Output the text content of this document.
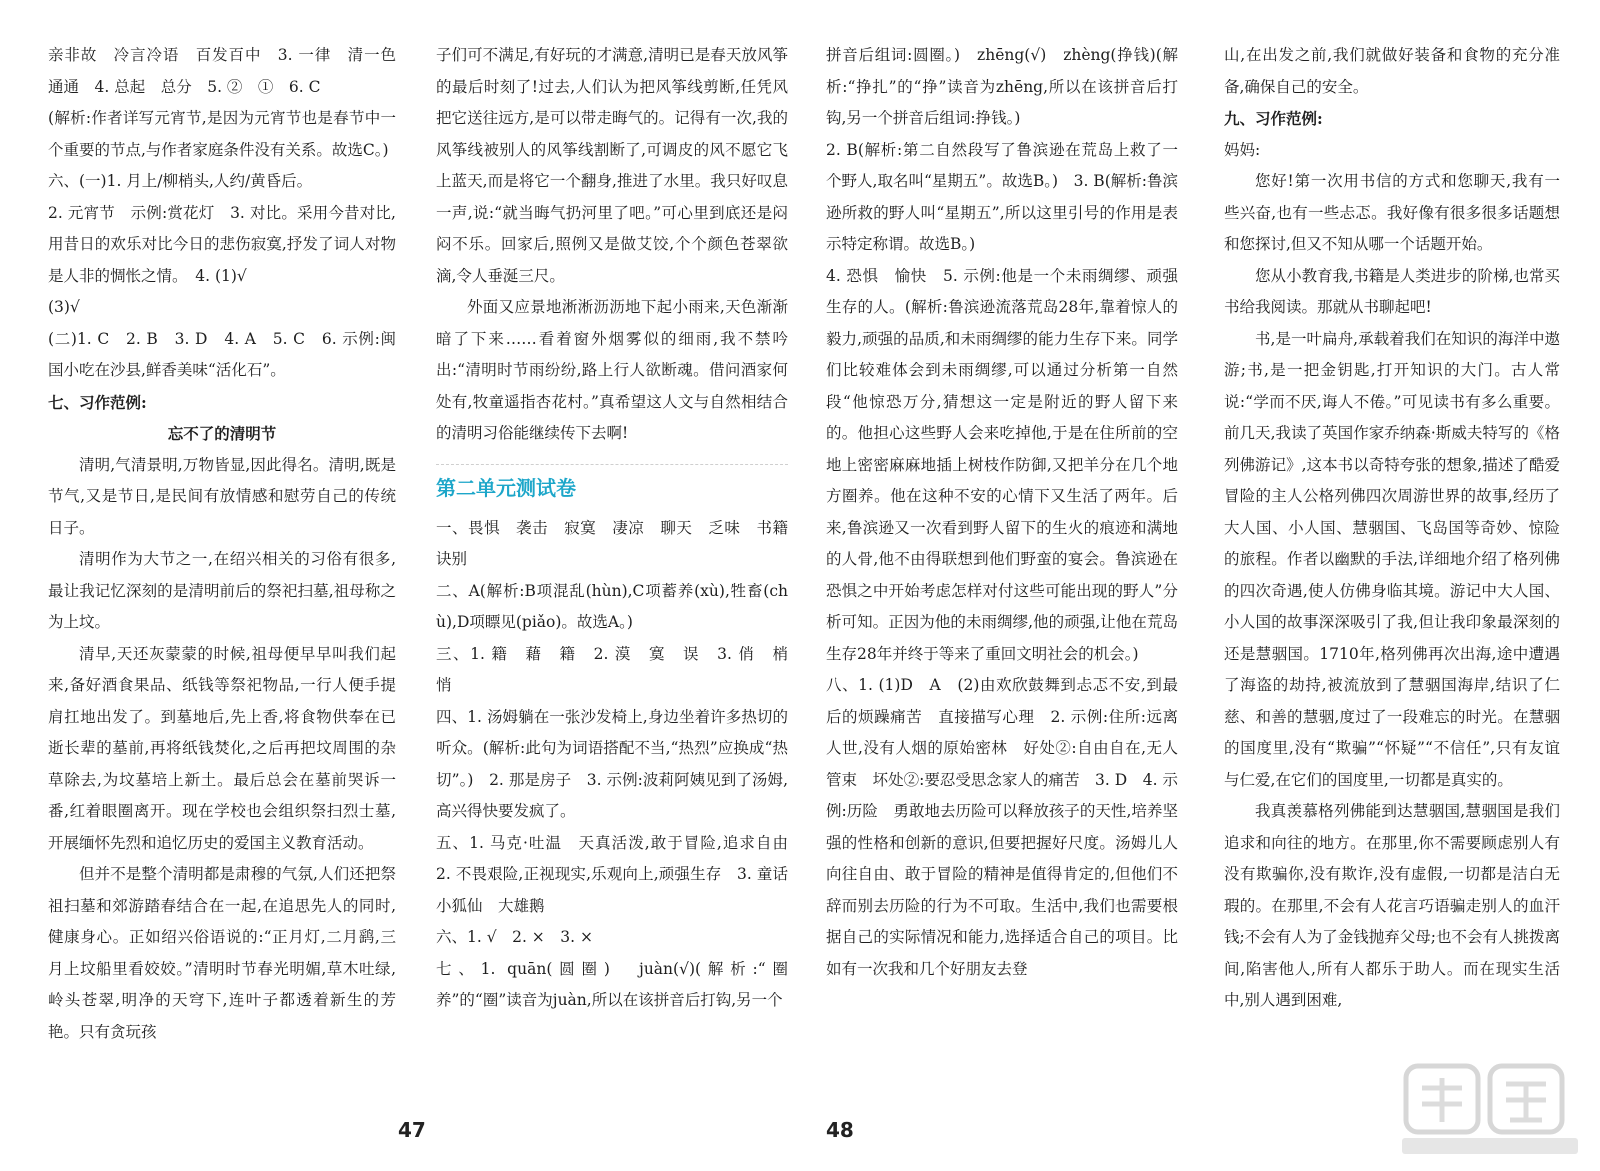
亲非故　冷言冷语　百发百中　3. 一律　清一色　通通　4. 总起　总分　5. ②　①　6. C

(解析:作者详写元宵节,是因为元宵节也是春节中一个重要的节点,与作者家庭条件没有关系。故选C。)

六、(一)1. 月上/柳梢头,人约/黄昏后。

2. 元宵节　示例:赏花灯　3. 对比。采用今昔对比,用昔日的欢乐对比今日的悲伤寂寞,抒发了词人对物是人非的惆怅之情。　4. (1)√

(3)√

(二)1. C　2. B　3. D　4. A　5. C　6. 示例:闽国小吃在沙县,鲜香美味“活化石”。

七、习作范例:

忘不了的清明节

清明,气清景明,万物皆显,因此得名。清明,既是节气,又是节日,是民间有放情感和慰劳自己的传统日子。

清明作为大节之一,在绍兴相关的习俗有很多,最让我记忆深刻的是清明前后的祭祀扫墓,祖母称之为上坟。

清早,天还灰蒙蒙的时候,祖母便早早叫我们起来,备好酒食果品、纸钱等祭祀物品,一行人便手提肩扛地出发了。到墓地后,先上香,将食物供奉在已逝长辈的墓前,再将纸钱焚化,之后再把坟周围的杂草除去,为坟墓培上新土。最后总会在墓前哭诉一番,红着眼圈离开。现在学校也会组织祭扫烈士墓,开展缅怀先烈和追忆历史的爱国主义教育活动。

但并不是整个清明都是肃穆的气氛,人们还把祭祖扫墓和郊游踏春结合在一起,在追思先人的同时,健康身心。正如绍兴俗语说的:“正月灯,二月鹞,三月上坟船里看姣姣。”清明时节春光明媚,草木吐绿,岭头苍翠,明净的天穹下,连叶子都透着新生的芳艳。只有贪玩孩

子们可不满足,有好玩的才满意,清明已是春天放风筝的最后时刻了!过去,人们认为把风筝线剪断,任凭风把它送往远方,是可以带走晦气的。记得有一次,我的风筝线被别人的风筝线割断了,可调皮的风不愿它飞上蓝天,而是将它一个翻身,推进了水里。我只好叹息一声,说:“就当晦气扔河里了吧。”可心里到底还是闷闷不乐。回家后,照例又是做艾饺,个个颜色苍翠欲滴,令人垂涎三尺。

外面又应景地淅淅沥沥地下起小雨来,天色渐渐暗了下来……看着窗外烟雾似的细雨,我不禁吟出:“清明时节雨纷纷,路上行人欲断魂。借问酒家何处有,牧童遥指杏花村。”真希望这人文与自然相结合的清明习俗能继续传下去啊!

第二单元测试卷

一、畏惧　袭击　寂寞　凄凉　聊天　乏味　书籍　诀别

二、A(解析:B项混乱(hùn),C项蓄养(xù),牲畜(chù),D项瞟见(piǎo)。故选A。)

三、1. 籍　藉　籍　2. 漠　寞　误　3. 俏　梢　悄

四、1. 汤姆躺在一张沙发椅上,身边坐着许多热切的听众。(解析:此句为词语搭配不当,“热烈”应换成“热切”。)　2. 那是房子　3. 示例:波莉阿姨见到了汤姆,高兴得快要发疯了。

五、1. 马克·吐温　天真活泼,敢于冒险,追求自由　2. 不畏艰险,正视现实,乐观向上,顽强生存　3. 童话　小狐仙　大雄鹅

六、1. √　2. ×　3. ×

七、1. quān(圆圈)　juàn(√)(解析:“圈养”的“圈”读音为juàn,所以在该拼音后打钩,另一个

拼音后组词:圆圈。)　zhēng(√)　zhèng(挣钱)(解析:“挣扎”的“挣”读音为zhēng,所以在该拼音后打钩,另一个拼音后组词:挣钱。)

2. B(解析:第二自然段写了鲁滨逊在荒岛上救了一个野人,取名叫“星期五”。故选B。)　3. B(解析:鲁滨逊所救的野人叫“星期五”,所以这里引号的作用是表示特定称谓。故选B。)

4. 恐惧　愉快　5. 示例:他是一个未雨绸缪、顽强生存的人。(解析:鲁滨逊流落荒岛28年,靠着惊人的毅力,顽强的品质,和未雨绸缪的能力生存下来。同学们比较难体会到未雨绸缪,可以通过分析第一自然段“他惊恐万分,猜想这一定是附近的野人留下来的。他担心这些野人会来吃掉他,于是在住所前的空地上密密麻麻地插上树枝作防御,又把羊分在几个地方圈养。他在这种不安的心情下又生活了两年。后来,鲁滨逊又一次看到野人留下的生火的痕迹和满地的人骨,他不由得联想到他们野蛮的宴会。鲁滨逊在恐惧之中开始考虑怎样对付这些可能出现的野人”分析可知。正因为他的未雨绸缪,他的顽强,让他在荒岛生存28年并终于等来了重回文明社会的机会。)

八、1. (1)D　A　(2)由欢欣鼓舞到忐忑不安,到最后的烦躁痛苦　直接描写心理　2. 示例:住所:远离人世,没有人烟的原始密林　好处②:自由自在,无人管束　坏处②:要忍受思念家人的痛苦　3. D　4. 示例:历险　勇敢地去历险可以释放孩子的天性,培养坚强的性格和创新的意识,但要把握好尺度。汤姆儿人向往自由、敢于冒险的精神是值得肯定的,但他们不辞而别去历险的行为不可取。生活中,我们也需要根据自己的实际情况和能力,选择适合自己的项目。比如有一次我和几个好朋友去登

山,在出发之前,我们就做好装备和食物的充分准备,确保自己的安全。

九、习作范例:

妈妈:

您好!第一次用书信的方式和您聊天,我有一些兴奋,也有一些忐忑。我好像有很多很多话题想和您探讨,但又不知从哪一个话题开始。

您从小教育我,书籍是人类进步的阶梯,也常买书给我阅读。那就从书聊起吧!

书,是一叶扁舟,承载着我们在知识的海洋中遨游;书,是一把金钥匙,打开知识的大门。古人常说:“学而不厌,诲人不倦。”可见读书有多么重要。前几天,我读了英国作家乔纳森·斯威夫特写的《格列佛游记》,这本书以奇特夸张的想象,描述了酷爱冒险的主人公格列佛四次周游世界的故事,经历了大人国、小人国、慧骃国、飞岛国等奇妙、惊险的旅程。作者以幽默的手法,详细地介绍了格列佛的四次奇遇,使人仿佛身临其境。游记中大人国、小人国的故事深深吸引了我,但让我印象最深刻的还是慧骃国。1710年,格列佛再次出海,途中遭遇了海盗的劫持,被流放到了慧骃国海岸,结识了仁慈、和善的慧骃,度过了一段难忘的时光。在慧骃的国度里,没有“欺骗”“怀疑”“不信任”,只有友谊与仁爱,在它们的国度里,一切都是真实的。

我真羡慕格列佛能到达慧骃国,慧骃国是我们追求和向往的地方。在那里,你不需要顾虑别人有没有欺骗你,没有欺诈,没有虚假,一切都是洁白无瑕的。在那里,不会有人花言巧语骗走别人的血汗钱;不会有人为了金钱抛弃父母;也不会有人挑拨离间,陷害他人,所有人都乐于助人。而在现实生活中,别人遇到困难,

47	48
